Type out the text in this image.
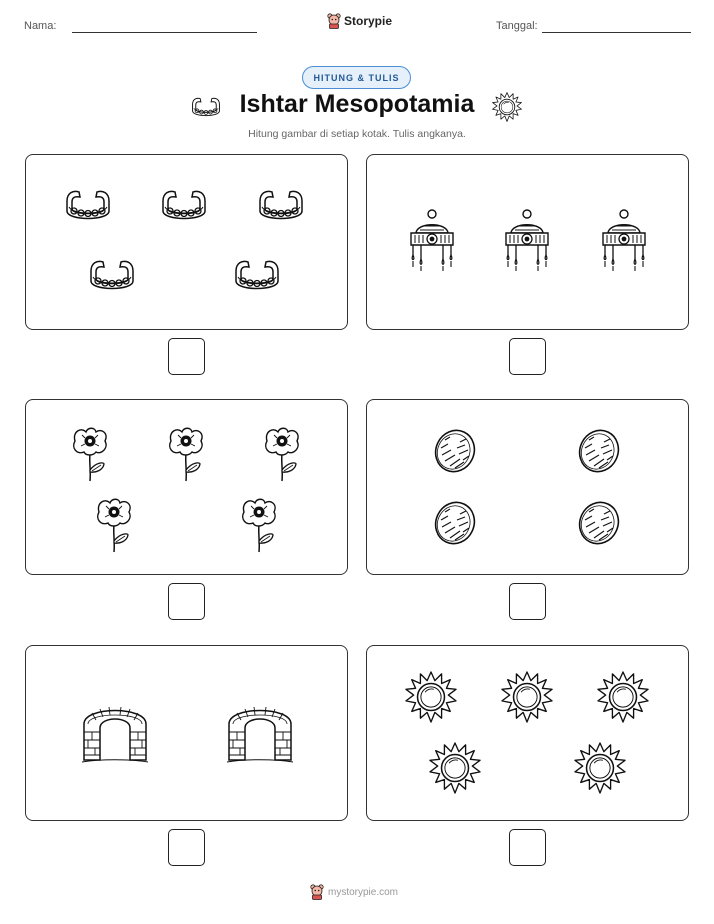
Nama:	Storypie	Tanggal:
HITUNG & TULIS
Ishtar Mesopotamia
Hitung gambar di setiap kotak. Tulis angkanya.
mystorypie.com
